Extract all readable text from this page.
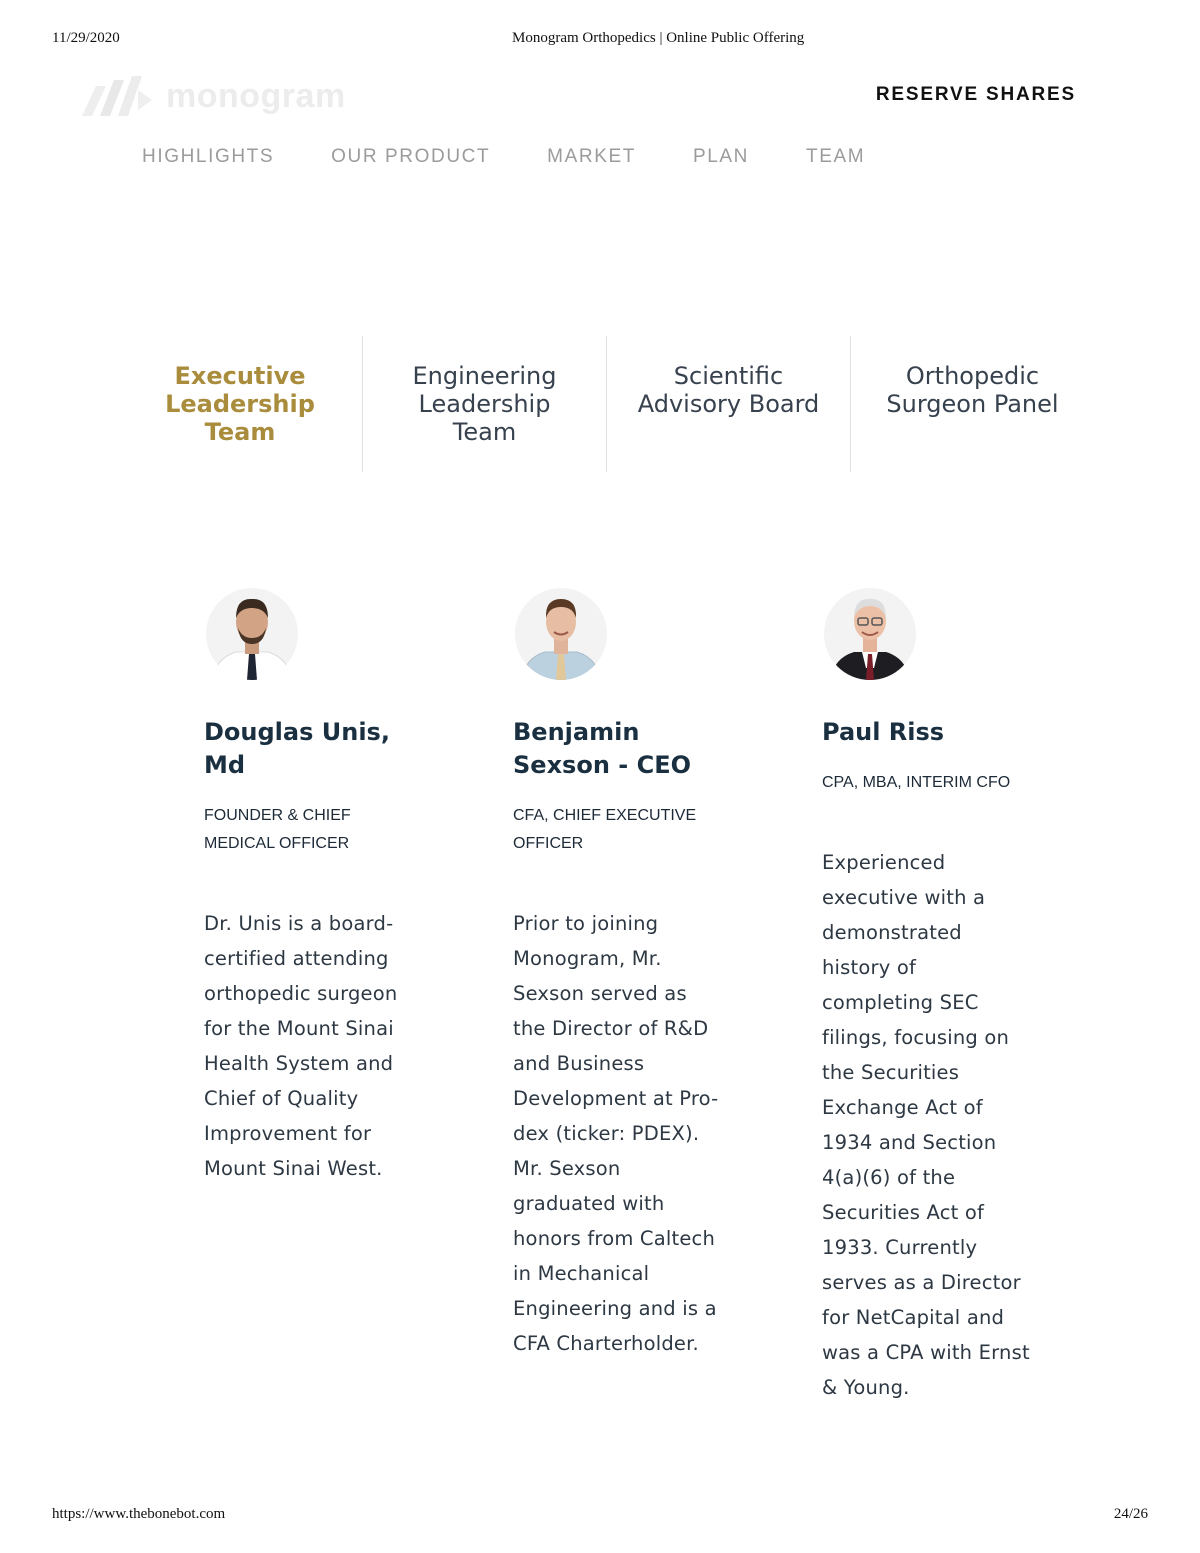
11/29/2020	Monogram Orthopedics | Online Public Offering
monogram	RESERVE SHARES
HIGHLIGHTS	OUR PRODUCT	MARKET	PLAN	TEAM
Executive Leadership Team
Engineering Leadership Team
Scientific Advisory Board
Orthopedic Surgeon Panel
Douglas Unis, Md
FOUNDER & CHIEF MEDICAL OFFICER
Dr. Unis is a board-certified attending orthopedic surgeon for the Mount Sinai Health System and Chief of Quality Improvement for Mount Sinai West.
Benjamin Sexson - CEO
CFA, CHIEF EXECUTIVE OFFICER
Prior to joining Monogram, Mr. Sexson served as the Director of R&D and Business Development at Pro-dex (ticker: PDEX). Mr. Sexson graduated with honors from Caltech in Mechanical Engineering and is a CFA Charterholder.
Paul Riss
CPA, MBA, INTERIM CFO
Experienced executive with a demonstrated history of completing SEC filings, focusing on the Securities Exchange Act of 1934 and Section 4(a)(6) of the Securities Act of 1933. Currently serves as a Director for NetCapital and was a CPA with Ernst & Young.
https://www.thebonebot.com	24/26
